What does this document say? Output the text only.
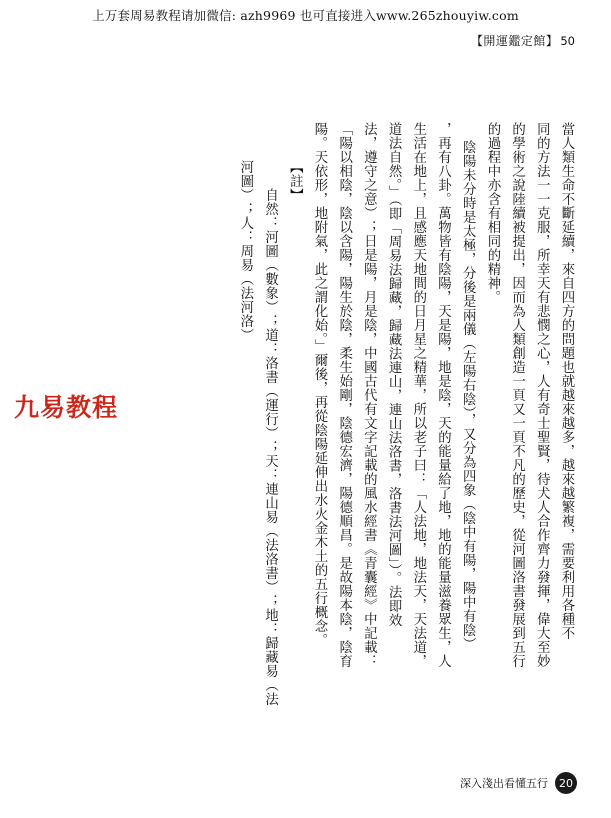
上万套周易教程请加微信: azh9969 也可直接进入www.265zhouyiw.com
【開運鑑定館】 50
九易教程
河圖）；人：周易（法河洛） 　　自然：河圖（數象）；道：洛書（運行）；天：連山易（法洛書）；地：歸藏易（法 【註】 陽。天依形，地附氣，此之謂化始。」爾後，再從陰陽延伸出水火金木土的五行概念。 「陽以相陰，陰以含陽，陽生於陰，柔生始剛，陰德宏濟，陽德順昌。是故陽本陰，陰育 法，遵守之意）；日是陽，月是陰，中國古代有文字記載的風水經書《青囊經》中記載： 道法自然。」（即「周易法歸藏，歸藏法連山，連山法洛書，洛書法河圖」）。法即效 生活在地上，且感應天地間的日月星之精華，所以老子曰：「人法地，地法天，天法道， ，再有八卦。萬物皆有陰陽，天是陽，地是陰，天的能量給了地，地的能量滋養眾生，人 陰陽未分時是太極，分後是兩儀（左陽右陰），又分為四象（陰中有陽，陽中有陰） 的過程中亦含有相同的精神。 的學術之說陸續被提出，因而為人類創造一頁又一頁不凡的歷史，從河圖洛書發展到五行 同的方法一一克服，所幸天有悲憫之心，人有奇士聖賢，待犬人合作齊力發揮，偉大至妙 當人類生命不斷延續，來自四方的問題也就越來越多，越來越繁複，需要利用各種不
深入淺出看懂五行	20
